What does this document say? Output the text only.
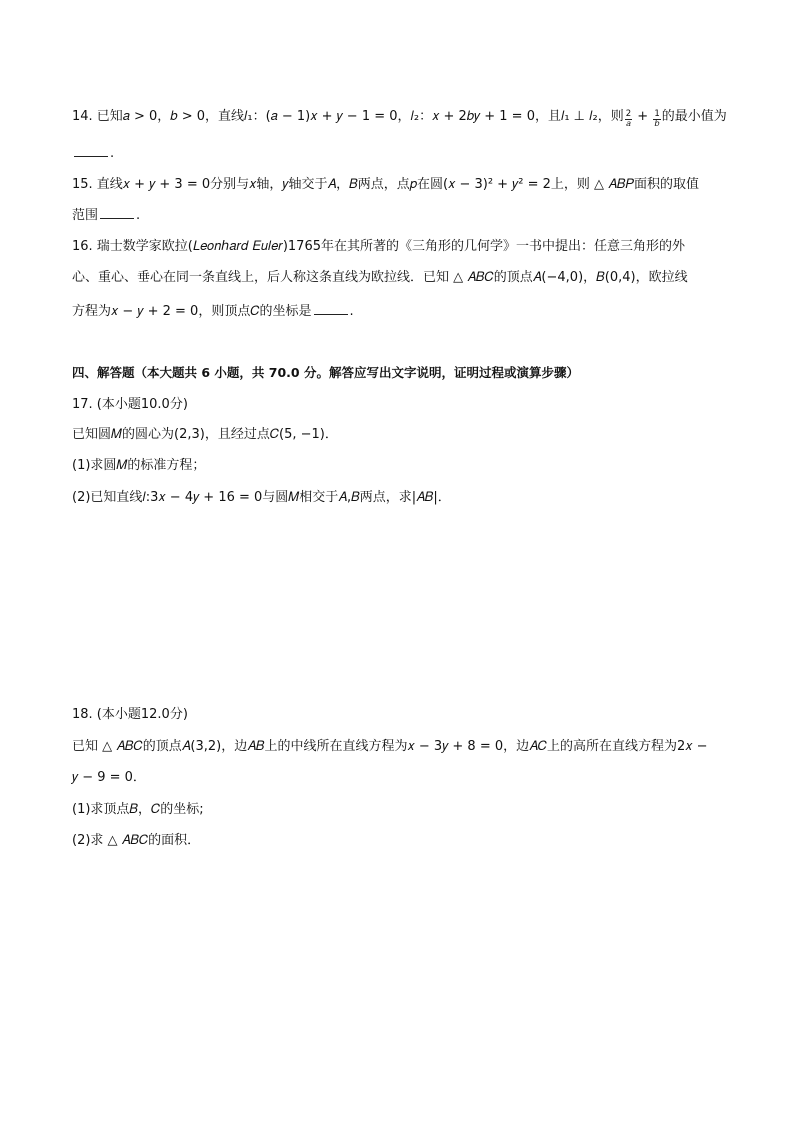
14. 已知𝑎 > 0，𝑏 > 0，直线𝑙₁：(𝑎 − 1)𝑥 + 𝑦 − 1 = 0，𝑙₂：𝑥 + 2𝑏𝑦 + 1 = 0，且𝑙₁ ⊥ 𝑙₂，则 $\frac{2}{\text{𝑎}} + \frac{1}{\text{𝑏}}$ 的最小值为
.
15. 直线𝑥 + 𝑦 + 3 = 0分别与𝑥轴，𝑦轴交于𝐴，𝐵两点，点𝑝在圆(𝑥 − 3)² + 𝑦² = 2上，则 △ 𝐴𝐵𝑃面积的取值
范围	.
16. 瑞士数学家欧拉(𝐿𝑒𝑜𝑛ℎ𝑎𝑟𝑑 𝐸𝑢𝑙𝑒𝑟)1765年在其所著的《三角形的几何学》一书中提出：任意三角形的外
心、重心、垂心在同一条直线上，后人称这条直线为欧拉线．已知 △ 𝐴𝐵𝐶的顶点𝐴(−4,0)，𝐵(0,4)，欧拉线
方程为𝑥 − 𝑦 + 2 = 0，则顶点𝐶的坐标是	.
四、解答题（本大题共 6 小题，共 70.0 分。解答应写出文字说明，证明过程或演算步骤）
17. (本小题10.0分)
已知圆𝑀的圆心为(2,3)，且经过点𝐶(5, −1)．
(1)求圆𝑀的标准方程；
(2)已知直线𝑙:3𝑥 − 4𝑦 + 16 = 0与圆𝑀相交于𝐴,𝐵两点，求|𝐴𝐵|．
18. (本小题12.0分)
已知 △ 𝐴𝐵𝐶的顶点𝐴(3,2)，边𝐴𝐵上的中线所在直线方程为𝑥 − 3𝑦 + 8 = 0，边𝐴𝐶上的高所在直线方程为2𝑥 −
𝑦 − 9 = 0．
(1)求顶点𝐵，𝐶的坐标;
(2)求 △ 𝐴𝐵𝐶的面积．
